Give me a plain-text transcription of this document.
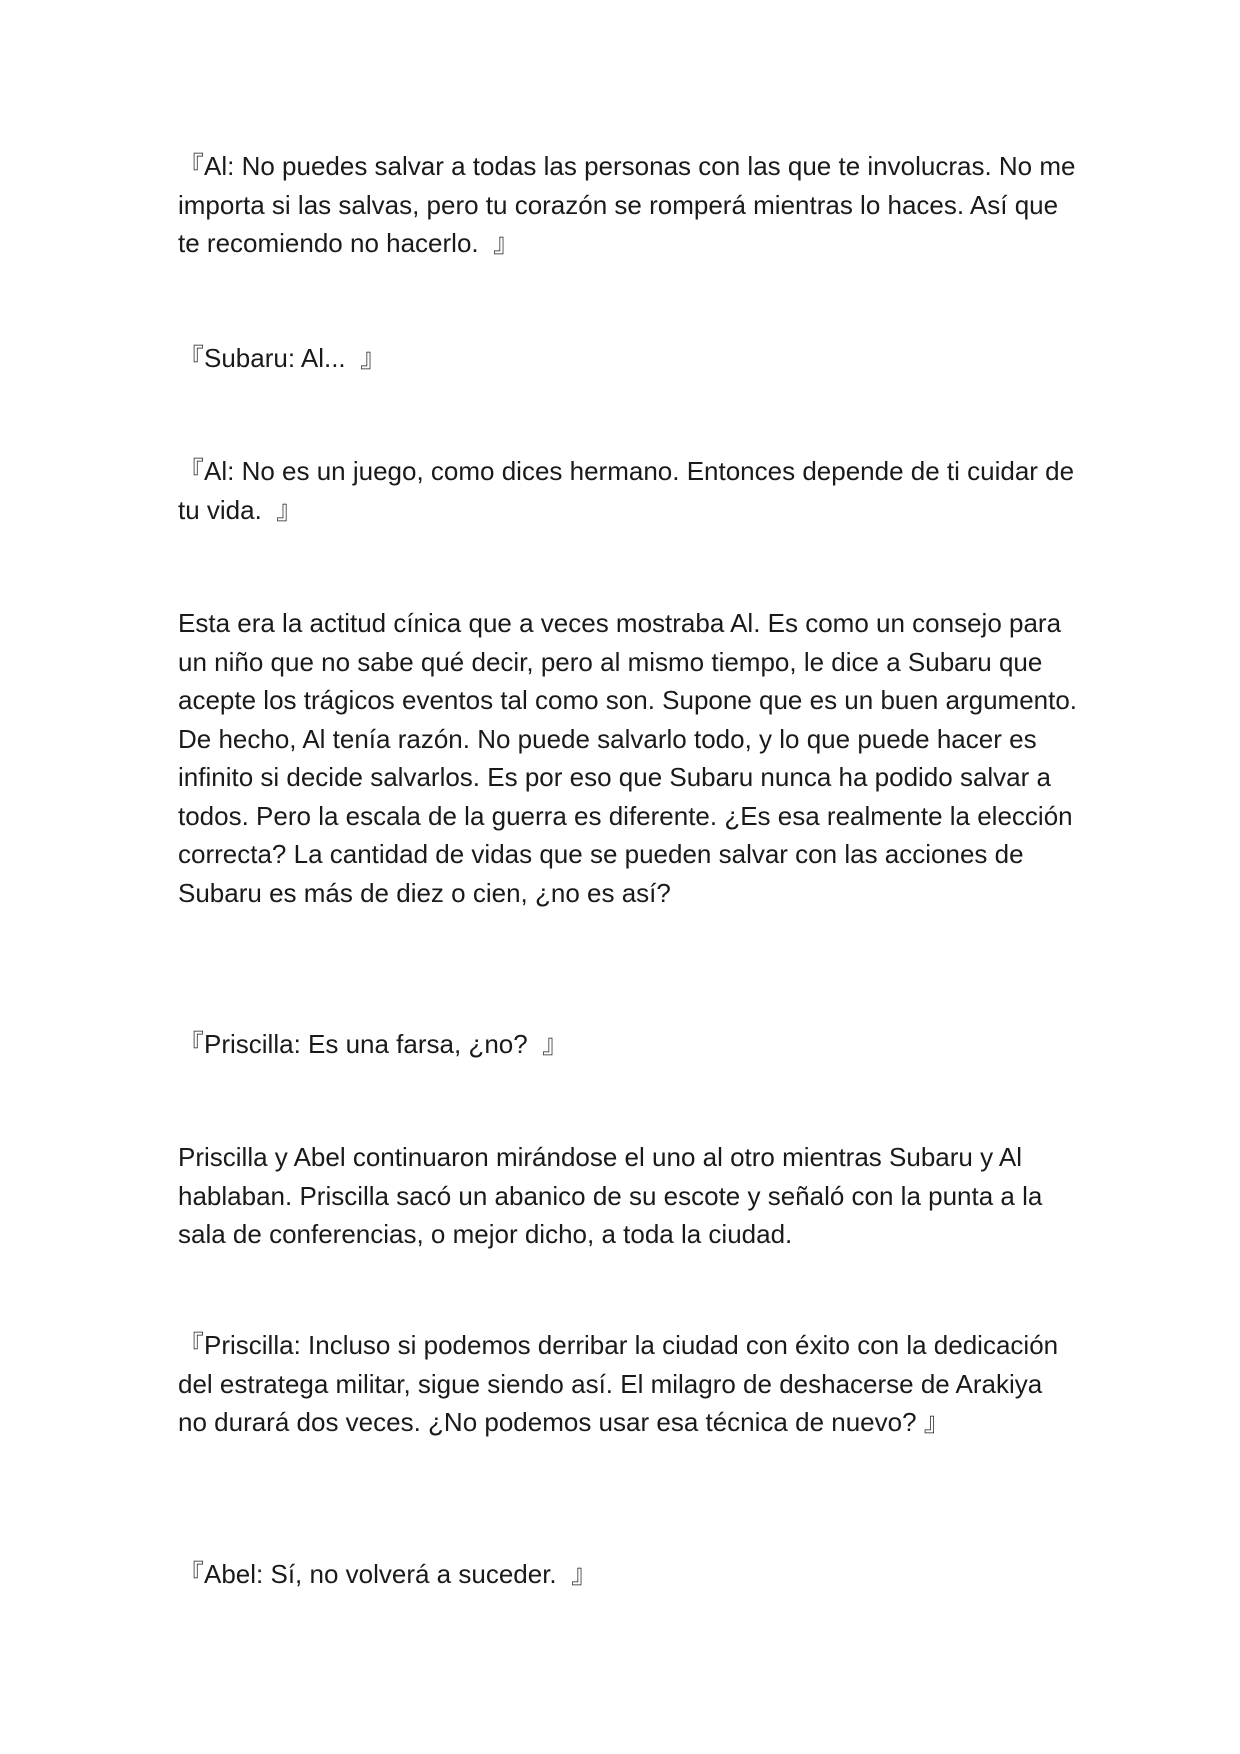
『Al: No puedes salvar a todas las personas con las que te involucras. No me importa si las salvas, pero tu corazón se romperá mientras lo haces. Así que te recomiendo no hacerlo.  』

『Subaru: Al...  』

『Al: No es un juego, como dices hermano. Entonces depende de ti cuidar de tu vida.  』

Esta era la actitud cínica que a veces mostraba Al. Es como un consejo para un niño que no sabe qué decir, pero al mismo tiempo, le dice a Subaru que acepte los trágicos eventos tal como son. Supone que es un buen argumento. De hecho, Al tenía razón. No puede salvarlo todo, y lo que puede hacer es infinito si decide salvarlos. Es por eso que Subaru nunca ha podido salvar a todos. Pero la escala de la guerra es diferente. ¿Es esa realmente la elección correcta? La cantidad de vidas que se pueden salvar con las acciones de Subaru es más de diez o cien, ¿no es así?

『Priscilla: Es una farsa, ¿no?  』

Priscilla y Abel continuaron mirándose el uno al otro mientras Subaru y Al hablaban. Priscilla sacó un abanico de su escote y señaló con la punta a la sala de conferencias, o mejor dicho, a toda la ciudad.

『Priscilla: Incluso si podemos derribar la ciudad con éxito con la dedicación del estratega militar, sigue siendo así. El milagro de deshacerse de Arakiya no durará dos veces. ¿No podemos usar esa técnica de nuevo? 』

『Abel: Sí, no volverá a suceder.  』
